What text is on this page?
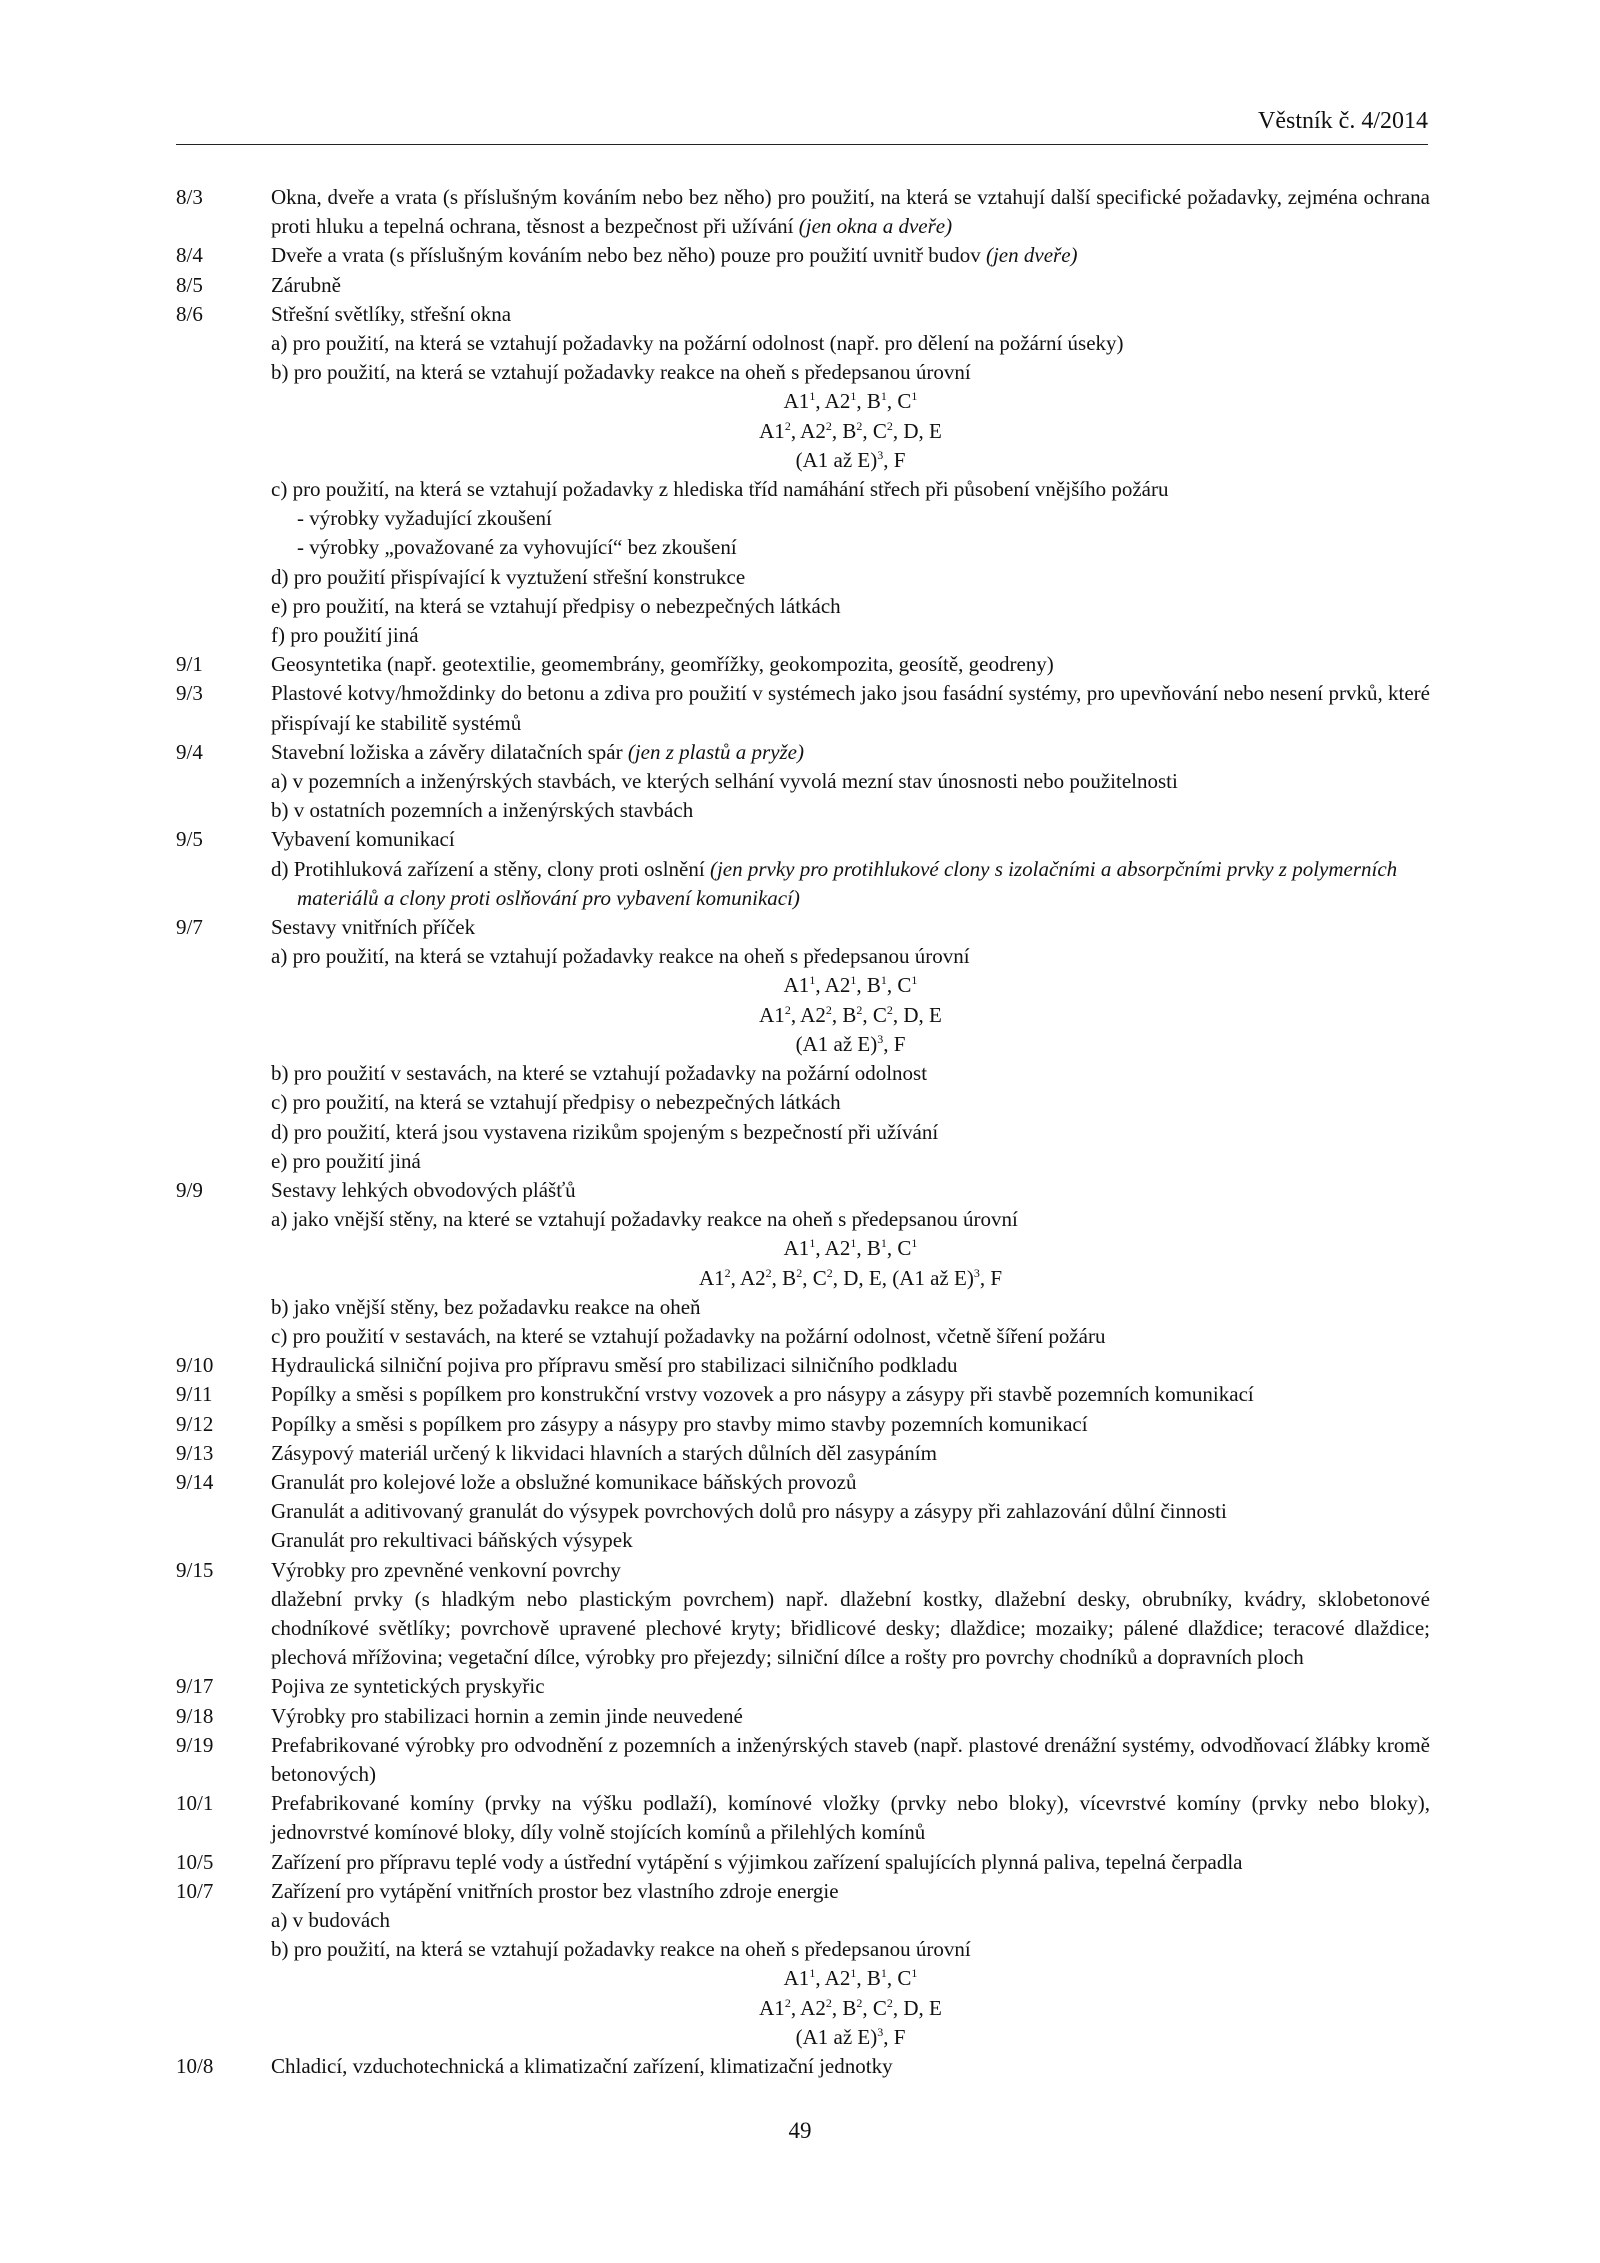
Věstník č. 4/2014
8/3	Okna, dveře a vrata (s příslušným kováním nebo bez něho) pro použití, na která se vztahují další specifické požadavky, zejména ochrana proti hluku a tepelná ochrana, těsnost a bezpečnost při užívání (jen okna a dveře)
8/4	Dveře a vrata (s příslušným kováním nebo bez něho) pouze pro použití uvnitř budov (jen dveře)
8/5	Zárubně
8/6	Střešní světlíky, střešní okna
a) pro použití, na která se vztahují požadavky na požární odolnost (např. pro dělení na požární úseky)
b) pro použití, na která se vztahují požadavky reakce na oheň s předepsanou úrovní
$A1^1$, $A2^1$, $B^1$, $C^1$
$A1^2$, $A2^2$, $B^2$, $C^2$, D, E
(A1 až E)$^3$, F
c) pro použití, na která se vztahují požadavky z hlediska tříd namáhání střech při působení vnějšího požáru
- výrobky vyžadující zkoušení
- výrobky „považované za vyhovující“ bez zkoušení
d) pro použití přispívající k vyztužení střešní konstrukce
e) pro použití, na která se vztahují předpisy o nebezpečných látkách
f) pro použití jiná
9/1	Geosyntetika (např. geotextilie, geomembrány, geomřížky, geokompozita, geosítě, geodreny)
9/3	Plastové kotvy/hmoždinky do betonu a zdiva pro použití v systémech jako jsou fasádní systémy, pro upevňování nebo nesení prvků, které přispívají ke stabilitě systémů
9/4	Stavební ložiska a závěry dilatačních spár (jen z plastů a pryže)
a) v pozemních a inženýrských stavbách, ve kterých selhání vyvolá mezní stav únosnosti nebo použitelnosti
b) v ostatních pozemních a inženýrských stavbách
9/5	Vybavení komunikací
d) Protihluková zařízení a stěny, clony proti oslnění (jen prvky pro protihlukové clony s izolačními a absorpčními prvky z polymerních materiálů a clony proti oslňování pro vybavení komunikací)
9/7	Sestavy vnitřních příček
a) pro použití, na která se vztahují požadavky reakce na oheň s předepsanou úrovní
$A1^1$, $A2^1$, $B^1$, $C^1$
$A1^2$, $A2^2$, $B^2$, $C^2$, D, E
(A1 až E)$^3$, F
b) pro použití v sestavách, na které se vztahují požadavky na požární odolnost
c) pro použití, na která se vztahují předpisy o nebezpečných látkách
d) pro použití, která jsou vystavena rizikům spojeným s bezpečností při užívání
e) pro použití jiná
9/9	Sestavy lehkých obvodových plášťů
a) jako vnější stěny, na které se vztahují požadavky reakce na oheň s předepsanou úrovní
$A1^1$, $A2^1$, $B^1$, $C^1$
$A1^2$, $A2^2$, $B^2$, $C^2$, D, E, (A1 až E)$^3$, F
b) jako vnější stěny, bez požadavku reakce na oheň
c) pro použití v sestavách, na které se vztahují požadavky na požární odolnost, včetně šíření požáru
9/10	Hydraulická silniční pojiva pro přípravu směsí pro stabilizaci silničního podkladu
9/11	Popílky a směsi s popílkem pro konstrukční vrstvy vozovek a pro násypy a zásypy při stavbě pozemních komunikací
9/12	Popílky a směsi s popílkem pro zásypy a násypy pro stavby mimo stavby pozemních komunikací
9/13	Zásypový materiál určený k likvidaci hlavních a starých důlních děl zasypáním
9/14	Granulát pro kolejové lože a obslužné komunikace báňských provozů
Granulát a aditivovaný granulát do výsypek povrchových dolů pro násypy a zásypy při zahlazování důlní činnosti
Granulát pro rekultivaci báňských výsypek
9/15	Výrobky pro zpevněné venkovní povrchy
dlažební prvky (s hladkým nebo plastickým povrchem) např. dlažební kostky, dlažební desky, obrubníky, kvádry, sklobetonové chodníkové světlíky; povrchově upravené plechové kryty; břidlicové desky; dlaždice; mozaiky; pálené dlaždice; teracové dlaždice; plechová mřížovina; vegetační dílce, výrobky pro přejezdy; silniční dílce a rošty pro povrchy chodníků a dopravních ploch
9/17	Pojiva ze syntetických pryskyřic
9/18	Výrobky pro stabilizaci hornin a zemin jinde neuvedené
9/19	Prefabrikované výrobky pro odvodnění z pozemních a inženýrských staveb (např. plastové drenážní systémy, odvodňovací žlábky kromě betonových)
10/1	Prefabrikované komíny (prvky na výšku podlaží), komínové vložky (prvky nebo bloky), vícevrstvé komíny (prvky nebo bloky), jednovrstvé komínové bloky, díly volně stojících komínů a přilehlých komínů
10/5	Zařízení pro přípravu teplé vody a ústřední vytápění s výjimkou zařízení spalujících plynná paliva, tepelná čerpadla
10/7	Zařízení pro vytápění vnitřních prostor bez vlastního zdroje energie
a) v budovách
b) pro použití, na která se vztahují požadavky reakce na oheň s předepsanou úrovní
$A1^1$, $A2^1$, $B^1$, $C^1$
$A1^2$, $A2^2$, $B^2$, $C^2$, D, E
(A1 až E)$^3$, F
10/8	Chladicí, vzduchotechnická a klimatizační zařízení, klimatizační jednotky
49
